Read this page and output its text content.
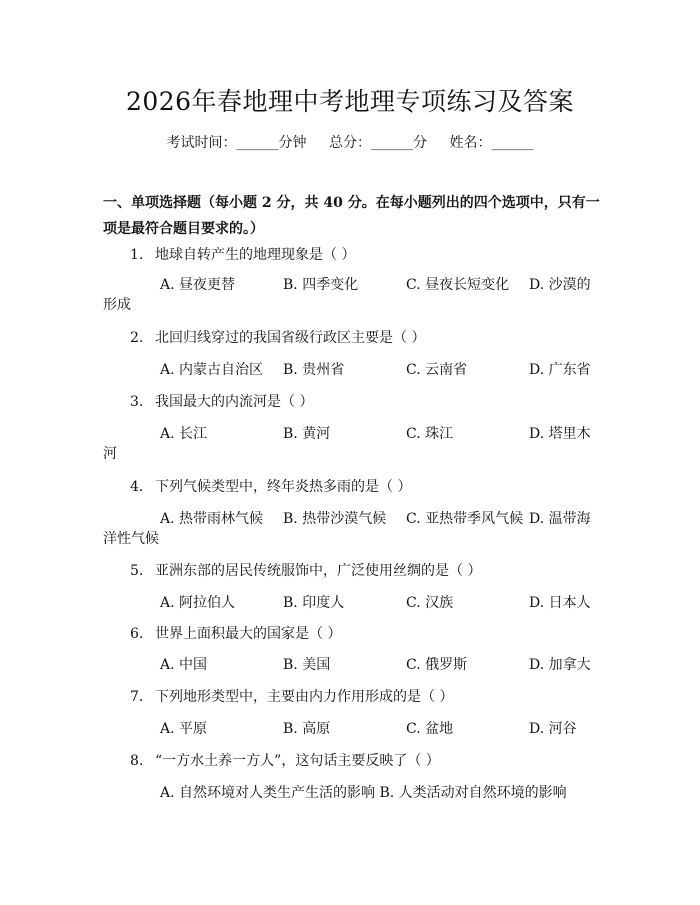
2026年春地理中考地理专项练习及答案
考试时间：______分钟 总分：______分 姓名：______
一、单项选择题（每小题 2 分，共 40 分。在每小题列出的四个选项中，只有一项是最符合题目要求的。）
1. 地球自转产生的地理现象是（ ）
A. 昼夜更替	B. 四季变化	C. 昼夜长短变化 D. 沙漠的
形成
2. 北回归线穿过的我国省级行政区主要是（ ）
A. 内蒙古自治区 B. 贵州省	C. 云南省	D. 广东省
3. 我国最大的内流河是（ ）
A. 长江	B. 黄河	C. 珠江	D. 塔里木
河
4. 下列气候类型中，终年炎热多雨的是（ ）
A. 热带雨林气候 B. 热带沙漠气候 C. 亚热带季风气候 D. 温带海
洋性气候
5. 亚洲东部的居民传统服饰中，广泛使用丝绸的是（ ）
A. 阿拉伯人	B. 印度人	C. 汉族	D. 日本人
6. 世界上面积最大的国家是（ ）
A. 中国	B. 美国	C. 俄罗斯	D. 加拿大
7. 下列地形类型中，主要由内力作用形成的是（ ）
A. 平原	B. 高原	C. 盆地	D. 河谷
8. “一方水土养一方人”，这句话主要反映了（ ）
A. 自然环境对人类生产生活的影响 B. 人类活动对自然环境的影响
